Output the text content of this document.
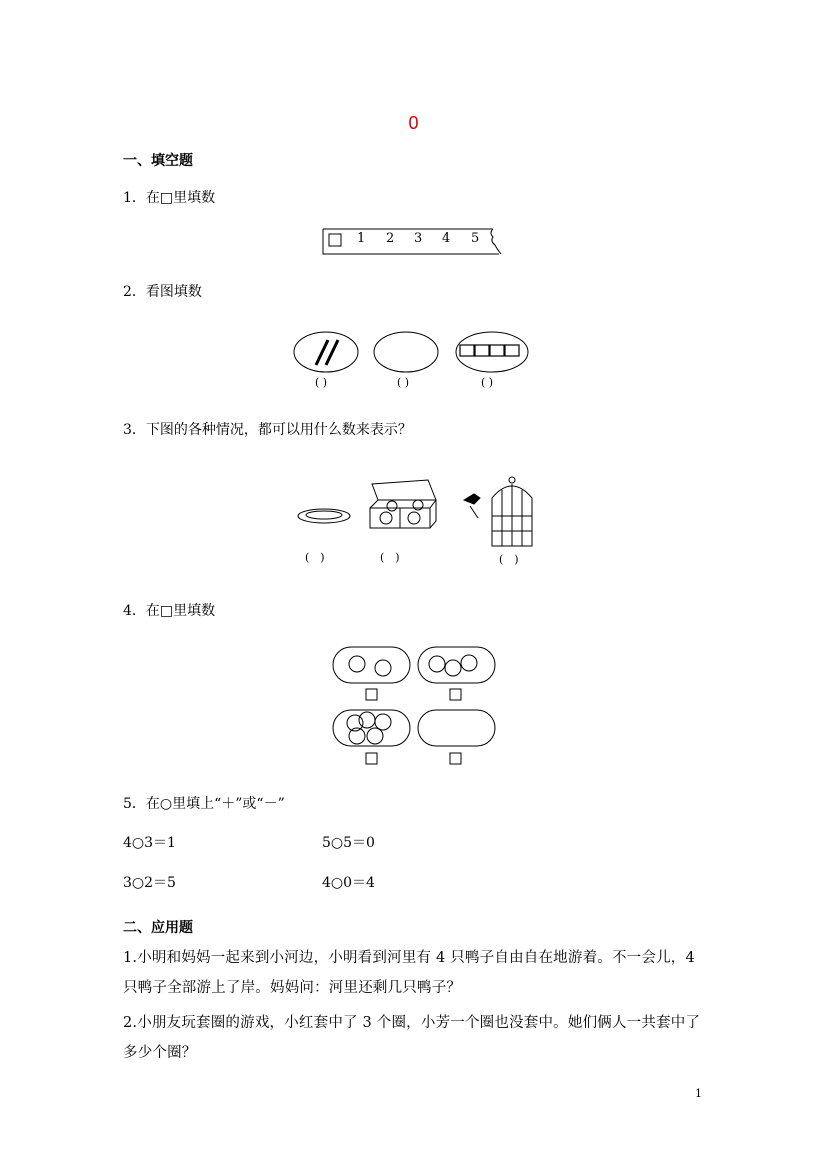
0
一、填空题
1．在□里填数
1 2 3 4 5
2．看图填数
( )	( )	( )
3．下图的各种情况，都可以用什么数来表示？
(　)	(　)	(　)
4．在□里填数
5．在○里填上“＋”或“－”
4○3＝1	5○5＝0
3○2＝5	4○0＝4
二、应用题
1.小明和妈妈一起来到小河边，小明看到河里有 4 只鸭子自由自在地游着。不一会儿，4 只鸭子全部游上了岸。妈妈问：河里还剩几只鸭子？
2.小朋友玩套圈的游戏，小红套中了 3 个圈，小芳一个圈也没套中。她们俩人一共套中了多少个圈？
1
